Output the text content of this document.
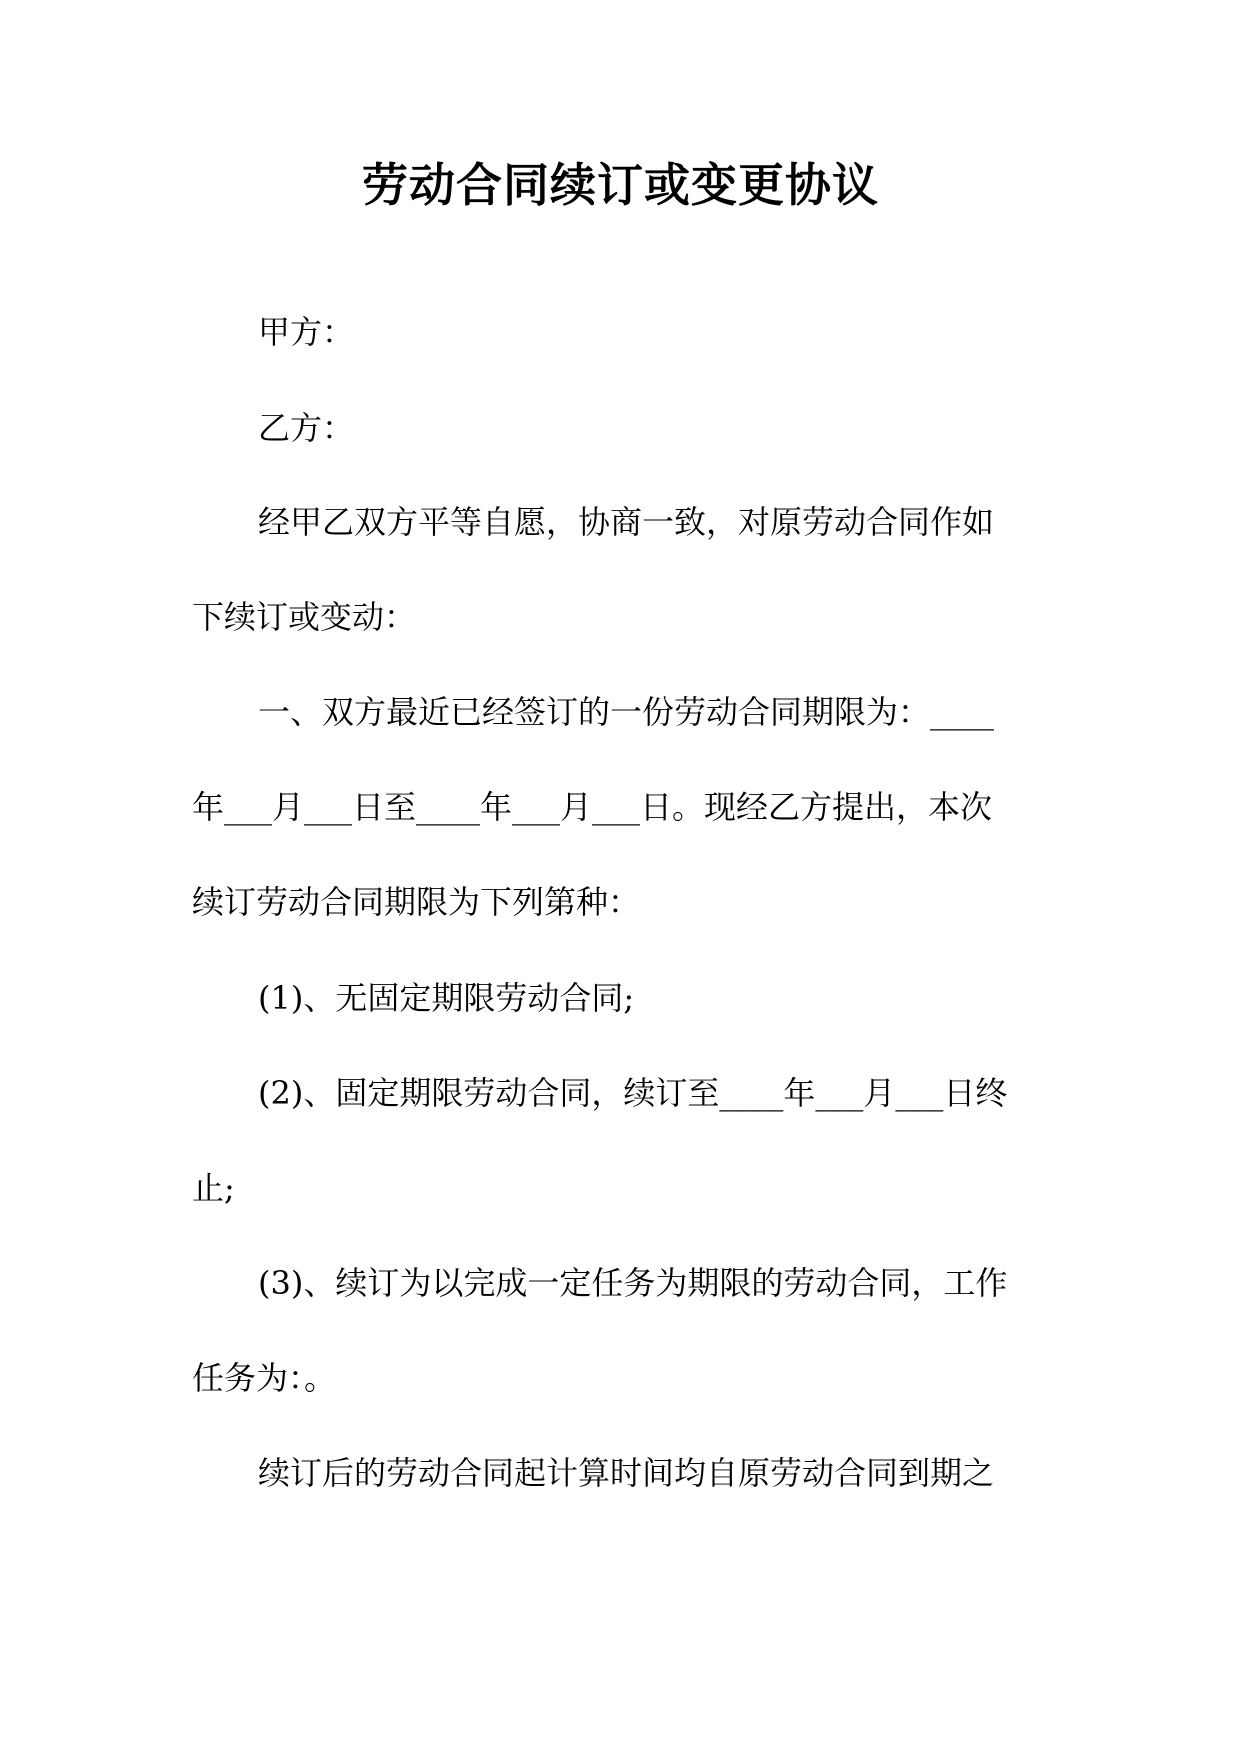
劳动合同续订或变更协议
甲方：
乙方：
经甲乙双方平等自愿，协商一致，对原劳动合同作如
下续订或变动：
一、双方最近已经签订的一份劳动合同期限为：____
年___月___日至____年___月___日。现经乙方提出，本次
续订劳动合同期限为下列第种：
(1)、无固定期限劳动合同;
(2)、固定期限劳动合同，续订至____年___月___日终
止;
(3)、续订为以完成一定任务为期限的劳动合同，工作
任务为：。
续订后的劳动合同起计算时间均自原劳动合同到期之
